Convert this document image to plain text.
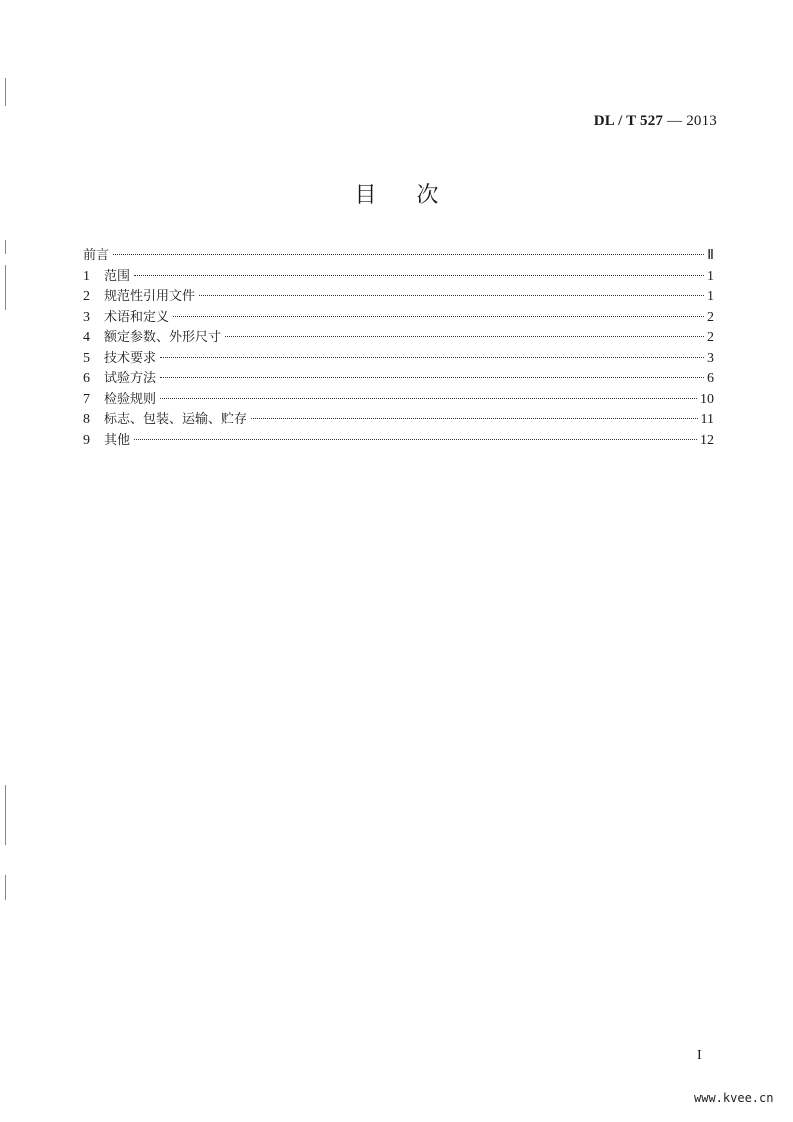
DL / T 527 — 2013
目次
前言	Ⅱ
1	范围	1
2	规范性引用文件	1
3	术语和定义	2
4	额定参数、外形尺寸	2
5	技术要求	3
6	试验方法	6
7	检验规则	10
8	标志、包装、运输、贮存	11
9	其他	12
I
www.kvee.cn
